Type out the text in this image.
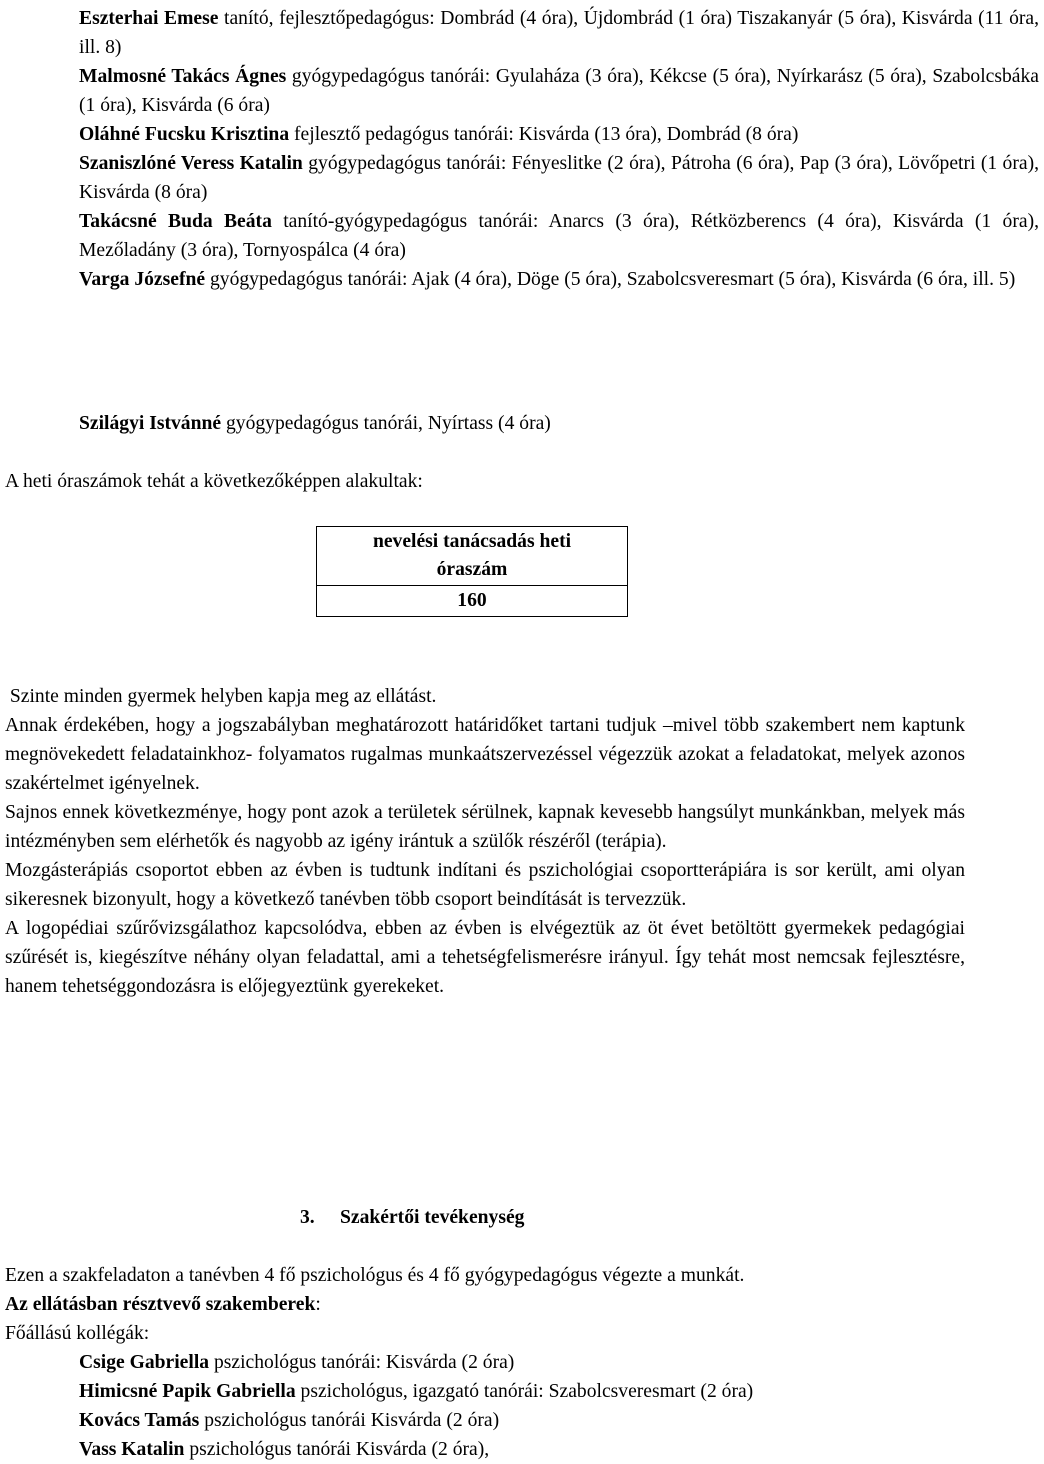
Eszterhai Emese tanító, fejlesztőpedagógus: Dombrád (4 óra), Újdombrád (1 óra) Tiszakanyár (5 óra), Kisvárda (11 óra, ill. 8)

Malmosné Takács Ágnes gyógypedagógus tanórái: Gyulaháza (3 óra), Kékcse (5 óra), Nyírkarász (5 óra), Szabolcsbáka (1 óra), Kisvárda (6 óra)

Oláhné Fucsku Krisztina fejlesztő pedagógus tanórái: Kisvárda (13 óra), Dombrád (8 óra)

Szaniszlóné Veress Katalin gyógypedagógus tanórái: Fényeslitke (2 óra), Pátroha (6 óra), Pap (3 óra), Lövőpetri (1 óra), Kisvárda (8 óra)

Takácsné Buda Beáta tanító-gyógypedagógus tanórái: Anarcs (3 óra), Rétközberencs (4 óra), Kisvárda (1 óra), Mezőladány (3 óra), Tornyospálca (4 óra)

Varga Józsefné gyógypedagógus tanórái: Ajak (4 óra), Döge (5 óra), Szabolcsveresmart (5 óra), Kisvárda (6 óra, ill. 5)

Szilágyi Istvánné gyógypedagógus tanórái, Nyírtass (4 óra)

A heti óraszámok tehát a következőképpen alakultak:
nevelési tanácsadás heti
óraszám
160

Szinte minden gyermek helyben kapja meg az ellátást.

Annak érdekében, hogy a jogszabályban meghatározott határidőket tartani tudjuk –mivel több szakembert nem kaptunk megnövekedett feladatainkhoz- folyamatos rugalmas munkaátszervezéssel végezzük azokat a feladatokat, melyek azonos szakértelmet igényelnek.

Sajnos ennek következménye, hogy pont azok a területek sérülnek, kapnak kevesebb hangsúlyt munkánkban, melyek más intézményben sem elérhetők és nagyobb az igény irántuk a szülők részéről (terápia).

Mozgásterápiás csoportot ebben az évben is tudtunk indítani és pszichológiai csoportterápiára is sor került, ami olyan sikeresnek bizonyult, hogy a következő tanévben több csoport beindítását is tervezzük.

A logopédiai szűrővizsgálathoz kapcsolódva, ebben az évben is elvégeztük az öt évet betöltött gyermekek pedagógiai szűrését is, kiegészítve néhány olyan feladattal, ami a tehetségfelismerésre irányul. Így tehát most nemcsak fejlesztésre, hanem tehetséggondozásra is előjegyeztünk gyerekeket.

3. Szakértői tevékenység

Ezen a szakfeladaton a tanévben 4 fő pszichológus és 4 fő gyógypedagógus végezte a munkát.

Az ellátásban résztvevő szakemberek:

Főállású kollégák:

Csige Gabriella pszichológus tanórái: Kisvárda (2 óra)

Himicsné Papik Gabriella pszichológus, igazgató tanórái: Szabolcsveresmart (2 óra)

Kovács Tamás pszichológus tanórái Kisvárda (2 óra)

Vass Katalin pszichológus tanórái Kisvárda (2 óra),
